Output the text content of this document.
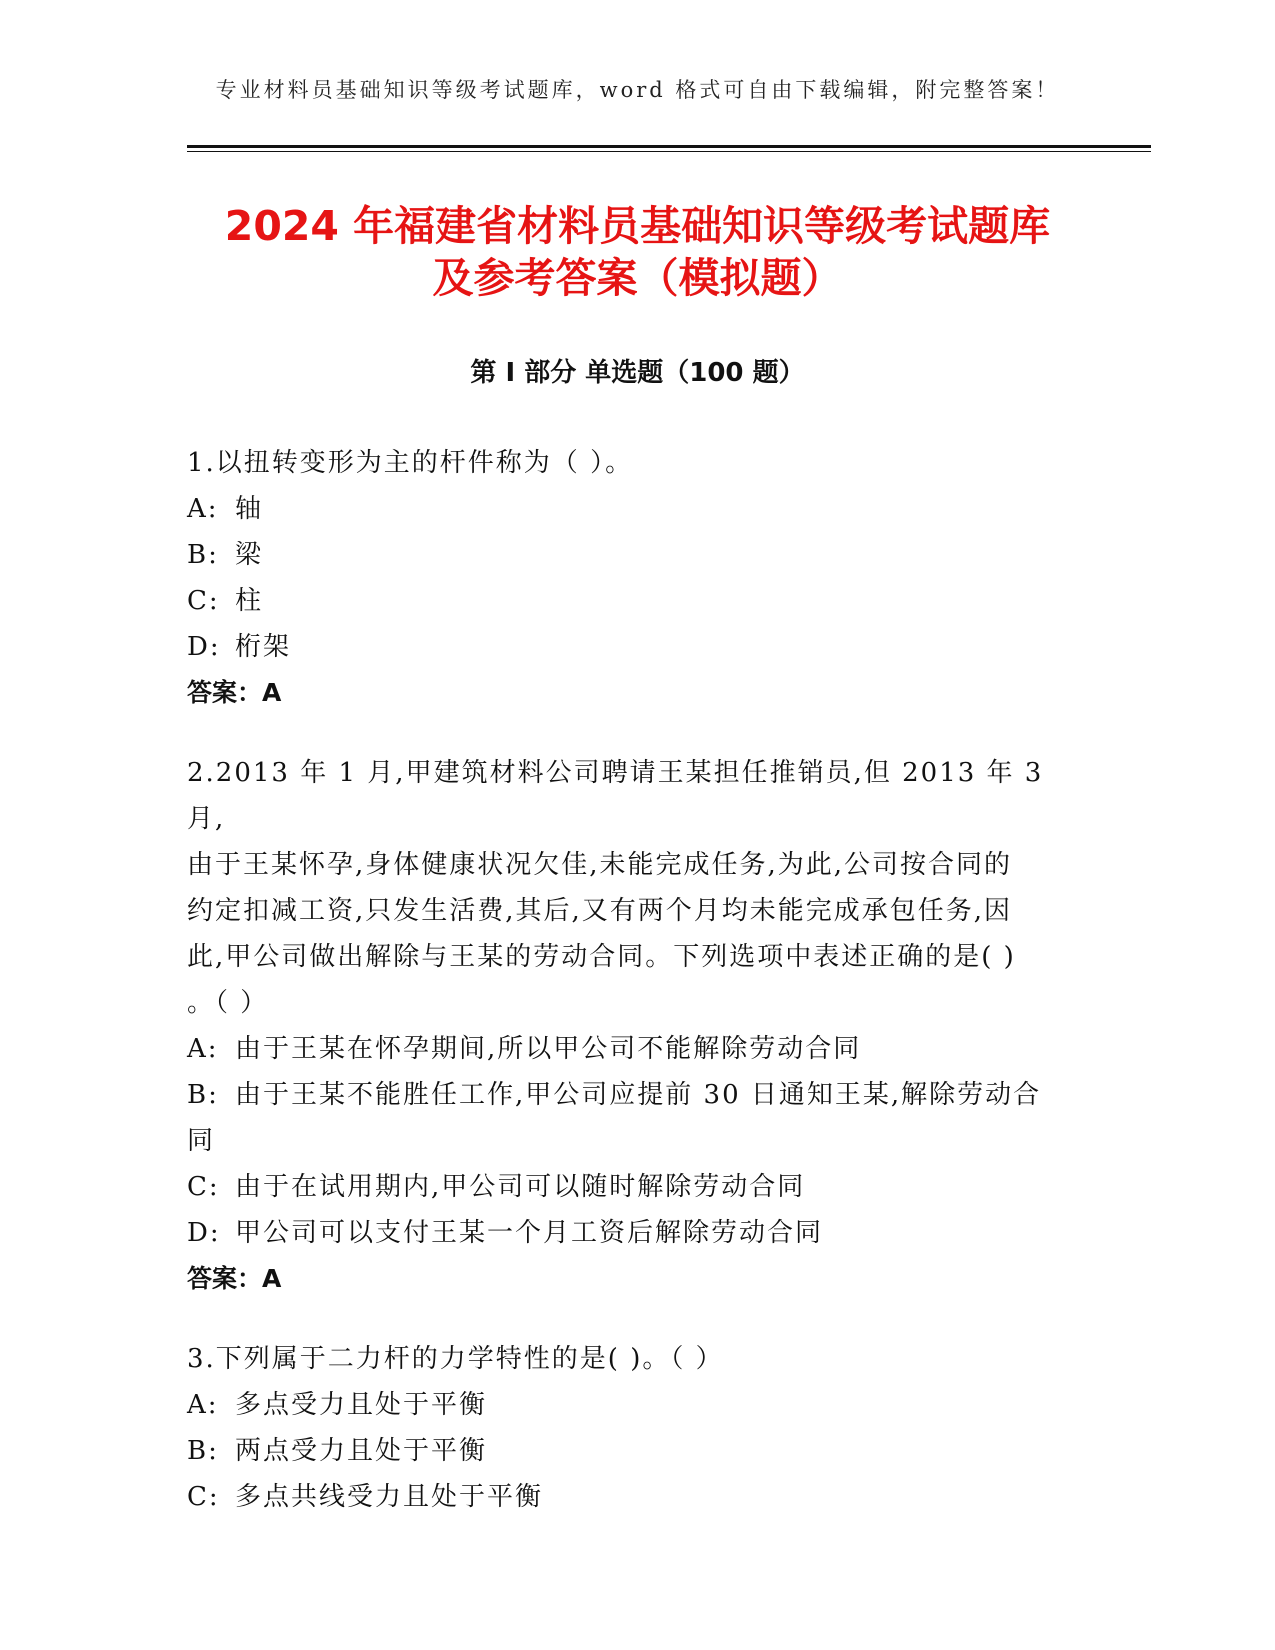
专业材料员基础知识等级考试题库，word 格式可自由下载编辑，附完整答案！
2024 年福建省材料员基础知识等级考试题库
及参考答案（模拟题）
第 I 部分 单选题（100 题）
1.以扭转变形为主的杆件称为（ ）。
A: 轴
B: 梁
C: 柱
D: 桁架
答案：A
2.2013 年 1 月,甲建筑材料公司聘请王某担任推销员,但 2013 年 3 月,
由于王某怀孕,身体健康状况欠佳,未能完成任务,为此,公司按合同的
约定扣减工资,只发生活费,其后,又有两个月均未能完成承包任务,因
此,甲公司做出解除与王某的劳动合同。下列选项中表述正确的是( )
。（ ）
A: 由于王某在怀孕期间,所以甲公司不能解除劳动合同
B: 由于王某不能胜任工作,甲公司应提前 30 日通知王某,解除劳动合
同
C: 由于在试用期内,甲公司可以随时解除劳动合同
D: 甲公司可以支付王某一个月工资后解除劳动合同
答案：A
3.下列属于二力杆的力学特性的是( )。（ ）
A: 多点受力且处于平衡
B: 两点受力且处于平衡
C: 多点共线受力且处于平衡
